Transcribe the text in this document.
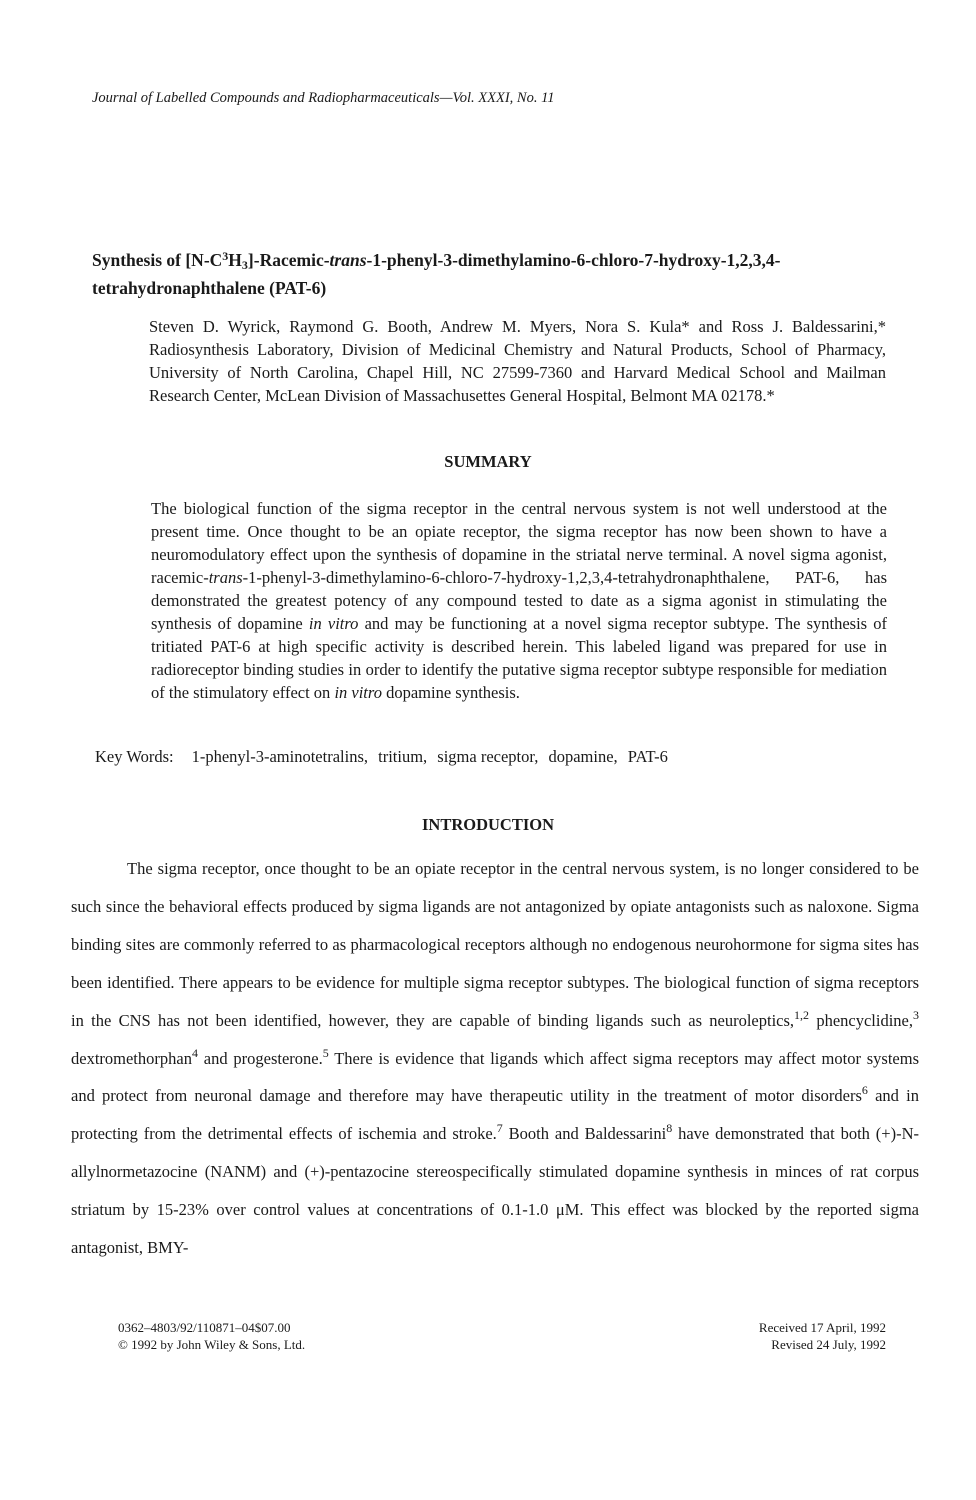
Journal of Labelled Compounds and Radiopharmaceuticals—Vol. XXXI, No. 11
Synthesis of $[N-C^3H_3]-Racemic-trans-1-phenyl-3-dimethylamino-6-chloro-7-hydroxy-1,2,3,4$-tetrahydronaphthalene (PAT-6)
Steven D. Wyrick, Raymond G. Booth, Andrew M. Myers, Nora S. Kula* and Ross J. Baldessarini,* Radiosynthesis Laboratory, Division of Medicinal Chemistry and Natural Products, School of Pharmacy, University of North Carolina, Chapel Hill, NC 27599-7360 and Harvard Medical School and Mailman Research Center, McLean Division of Massachusettes General Hospital, Belmont MA 02178.*
SUMMARY
The biological function of the sigma receptor in the central nervous system is not well understood at the present time. Once thought to be an opiate receptor, the sigma receptor has now been shown to have a neuromodulatory effect upon the synthesis of dopamine in the striatal nerve terminal. A novel sigma agonist, racemic-trans-1-phenyl-3-dimethylamino-6-chloro-7-hydroxy-1,2,3,4-tetrahydronaphthalene, PAT-6, has demonstrated the greatest potency of any compound tested to date as a sigma agonist in stimulating the synthesis of dopamine in vitro and may be functioning at a novel sigma receptor subtype. The synthesis of tritiated PAT-6 at high specific activity is described herein. This labeled ligand was prepared for use in radioreceptor binding studies in order to identify the putative sigma receptor subtype responsible for mediation of the stimulatory effect on in vitro dopamine synthesis.
Key Words: 1-phenyl-3-aminotetralins, tritium, sigma receptor, dopamine, PAT-6
INTRODUCTION

The sigma receptor, once thought to be an opiate receptor in the central nervous system, is no longer considered to be such since the behavioral effects produced by sigma ligands are not antagonized by opiate antagonists such as naloxone. Sigma binding sites are commonly referred to as pharmacological receptors although no endogenous neurohormone for sigma sites has been identified. There appears to be evidence for multiple sigma receptor subtypes. The biological function of sigma receptors in the CNS has not been identified, however, they are capable of binding ligands such as neuroleptics,$^{1,2}$ phencyclidine,$^3$ dextromethorphan$^4$ and progesterone.$^5$ There is evidence that ligands which affect sigma receptors may affect motor systems and protect from neuronal damage and therefore may have therapeutic utility in the treatment of motor disorders$^6$ and in protecting from the detrimental effects of ischemia and stroke.$^7$ Booth and Baldessarini$^8$ have demonstrated that both (+)-N-allylnormetazocine (NANM) and (+)-pentazocine stereospecifically stimulated dopamine synthesis in minces of rat corpus striatum by 15-23% over control values at concentrations of 0.1-1.0 μM. This effect was blocked by the reported sigma antagonist, BMY-

0362–4803/92/110871–04$07.00
© 1992 by John Wiley & Sons, Ltd.
Received 17 April, 1992
Revised 24 July, 1992
